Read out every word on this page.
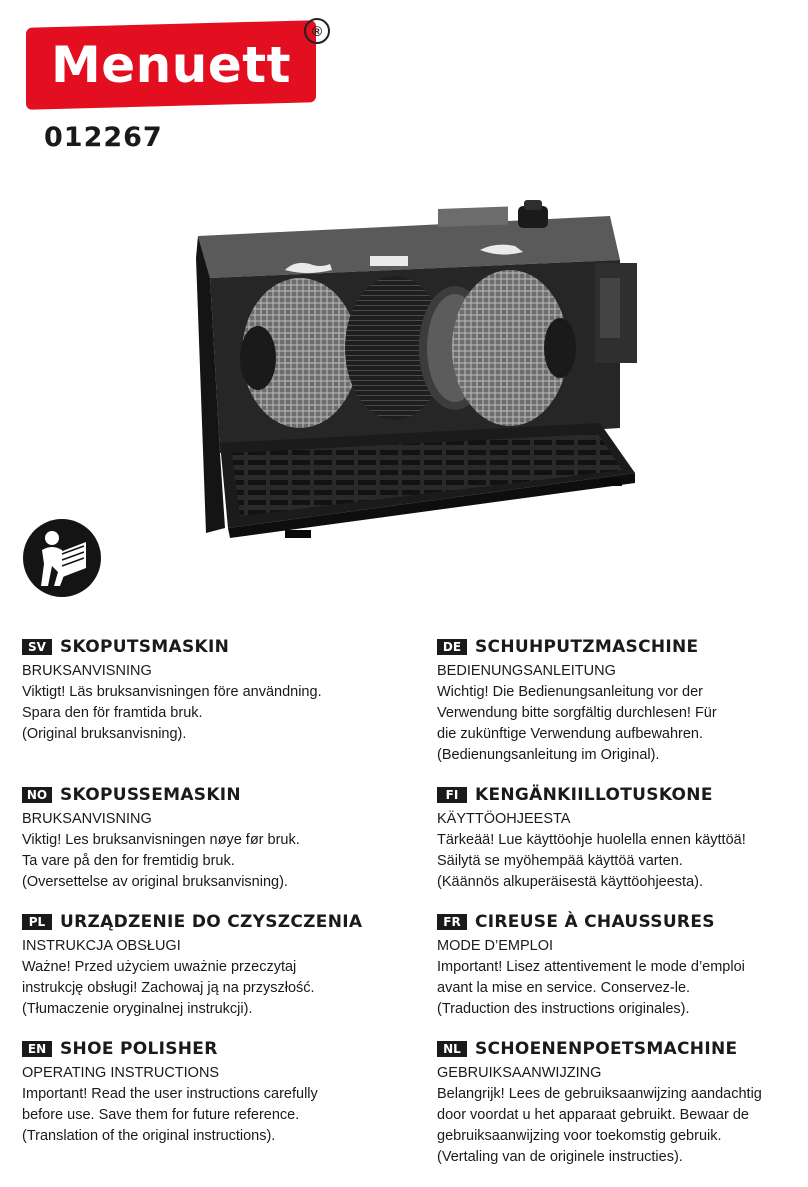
Menuett
®
012267
SV SKOPUTSMASKIN
BRUKSANVISNING
Viktigt! Läs bruksanvisningen före användning.
Spara den för framtida bruk.
(Original bruksanvisning).
DE SCHUHPUTZMASCHINE
BEDIENUNGSANLEITUNG
Wichtig! Die Bedienungsanleitung vor der
Verwendung bitte sorgfältig durchlesen! Für
die zukünftige Verwendung aufbewahren.
(Bedienungsanleitung im Original).
NO SKOPUSSEMASKIN
BRUKSANVISNING
Viktig! Les bruksanvisningen nøye før bruk.
Ta vare på den for fremtidig bruk.
(Oversettelse av original bruksanvisning).
FI KENGÄNKIILLOTUSKONE
KÄYTTÖOHJEESTA
Tärkeää! Lue käyttöohje huolella ennen käyttöä!
Säilytä se myöhempää käyttöä varten.
(Käännös alkuperäisestä käyttöohjeesta).
PL URZĄDZENIE DO CZYSZCZENIA
INSTRUKCJA OBSŁUGI
Ważne! Przed użyciem uważnie przeczytaj
instrukcję obsługi! Zachowaj ją na przyszłość.
(Tłumaczenie oryginalnej instrukcji).
FR CIREUSE À CHAUSSURES
MODE D’EMPLOI
Important! Lisez attentivement le mode d’emploi
avant la mise en service. Conservez-le.
(Traduction des instructions originales).
EN SHOE POLISHER
OPERATING INSTRUCTIONS
Important! Read the user instructions carefully
before use. Save them for future reference.
(Translation of the original instructions).
NL SCHOENENPOETSMACHINE
GEBRUIKSAANWIJZING
Belangrijk! Lees de gebruiksaanwijzing aandachtig
door voordat u het apparaat gebruikt. Bewaar de
gebruiksaanwijzing voor toekomstig gebruik.
(Vertaling van de originele instructies).
